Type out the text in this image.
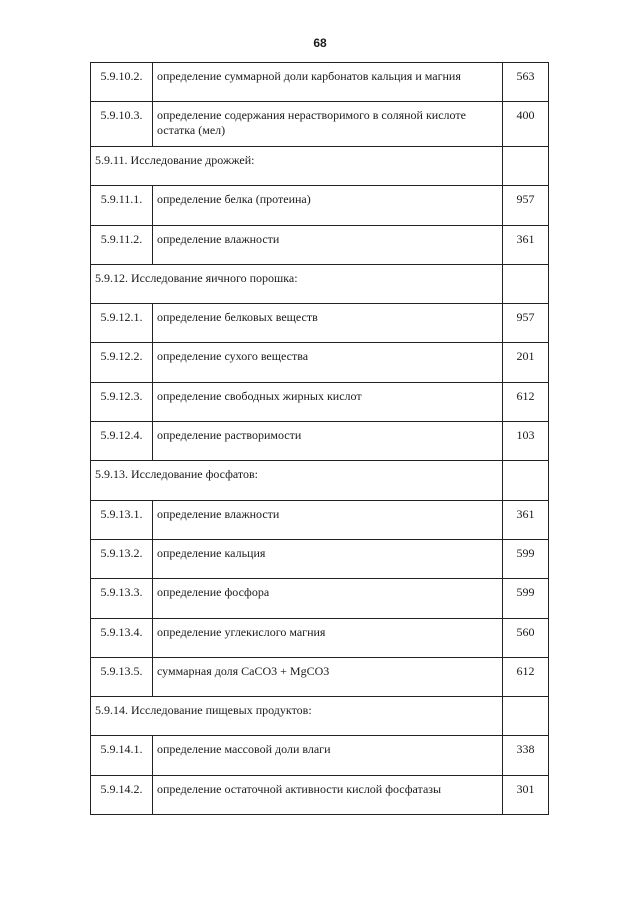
68
5.9.10.2.	определение суммарной доли карбонатов кальция и магния	563
5.9.10.3.	определение содержания нерастворимого в соляной кислоте остатка (мел)	400
5.9.11. Исследование дрожжей:		
5.9.11.1.	определение белка (протеина)	957
5.9.11.2.	определение влажности	361
5.9.12. Исследование яичного порошка:		
5.9.12.1.	определение белковых веществ	957
5.9.12.2.	определение сухого вещества	201
5.9.12.3.	определение свободных жирных кислот	612
5.9.12.4.	определение растворимости	103
5.9.13. Исследование фосфатов:		
5.9.13.1.	определение влажности	361
5.9.13.2.	определение кальция	599
5.9.13.3.	определение фосфора	599
5.9.13.4.	определение углекислого магния	560
5.9.13.5.	суммарная доля CaCO3 + MgCO3	612
5.9.14. Исследование пищевых продуктов:		
5.9.14.1.	определение массовой доли влаги	338
5.9.14.2.	определение остаточной активности кислой фосфатазы	301
